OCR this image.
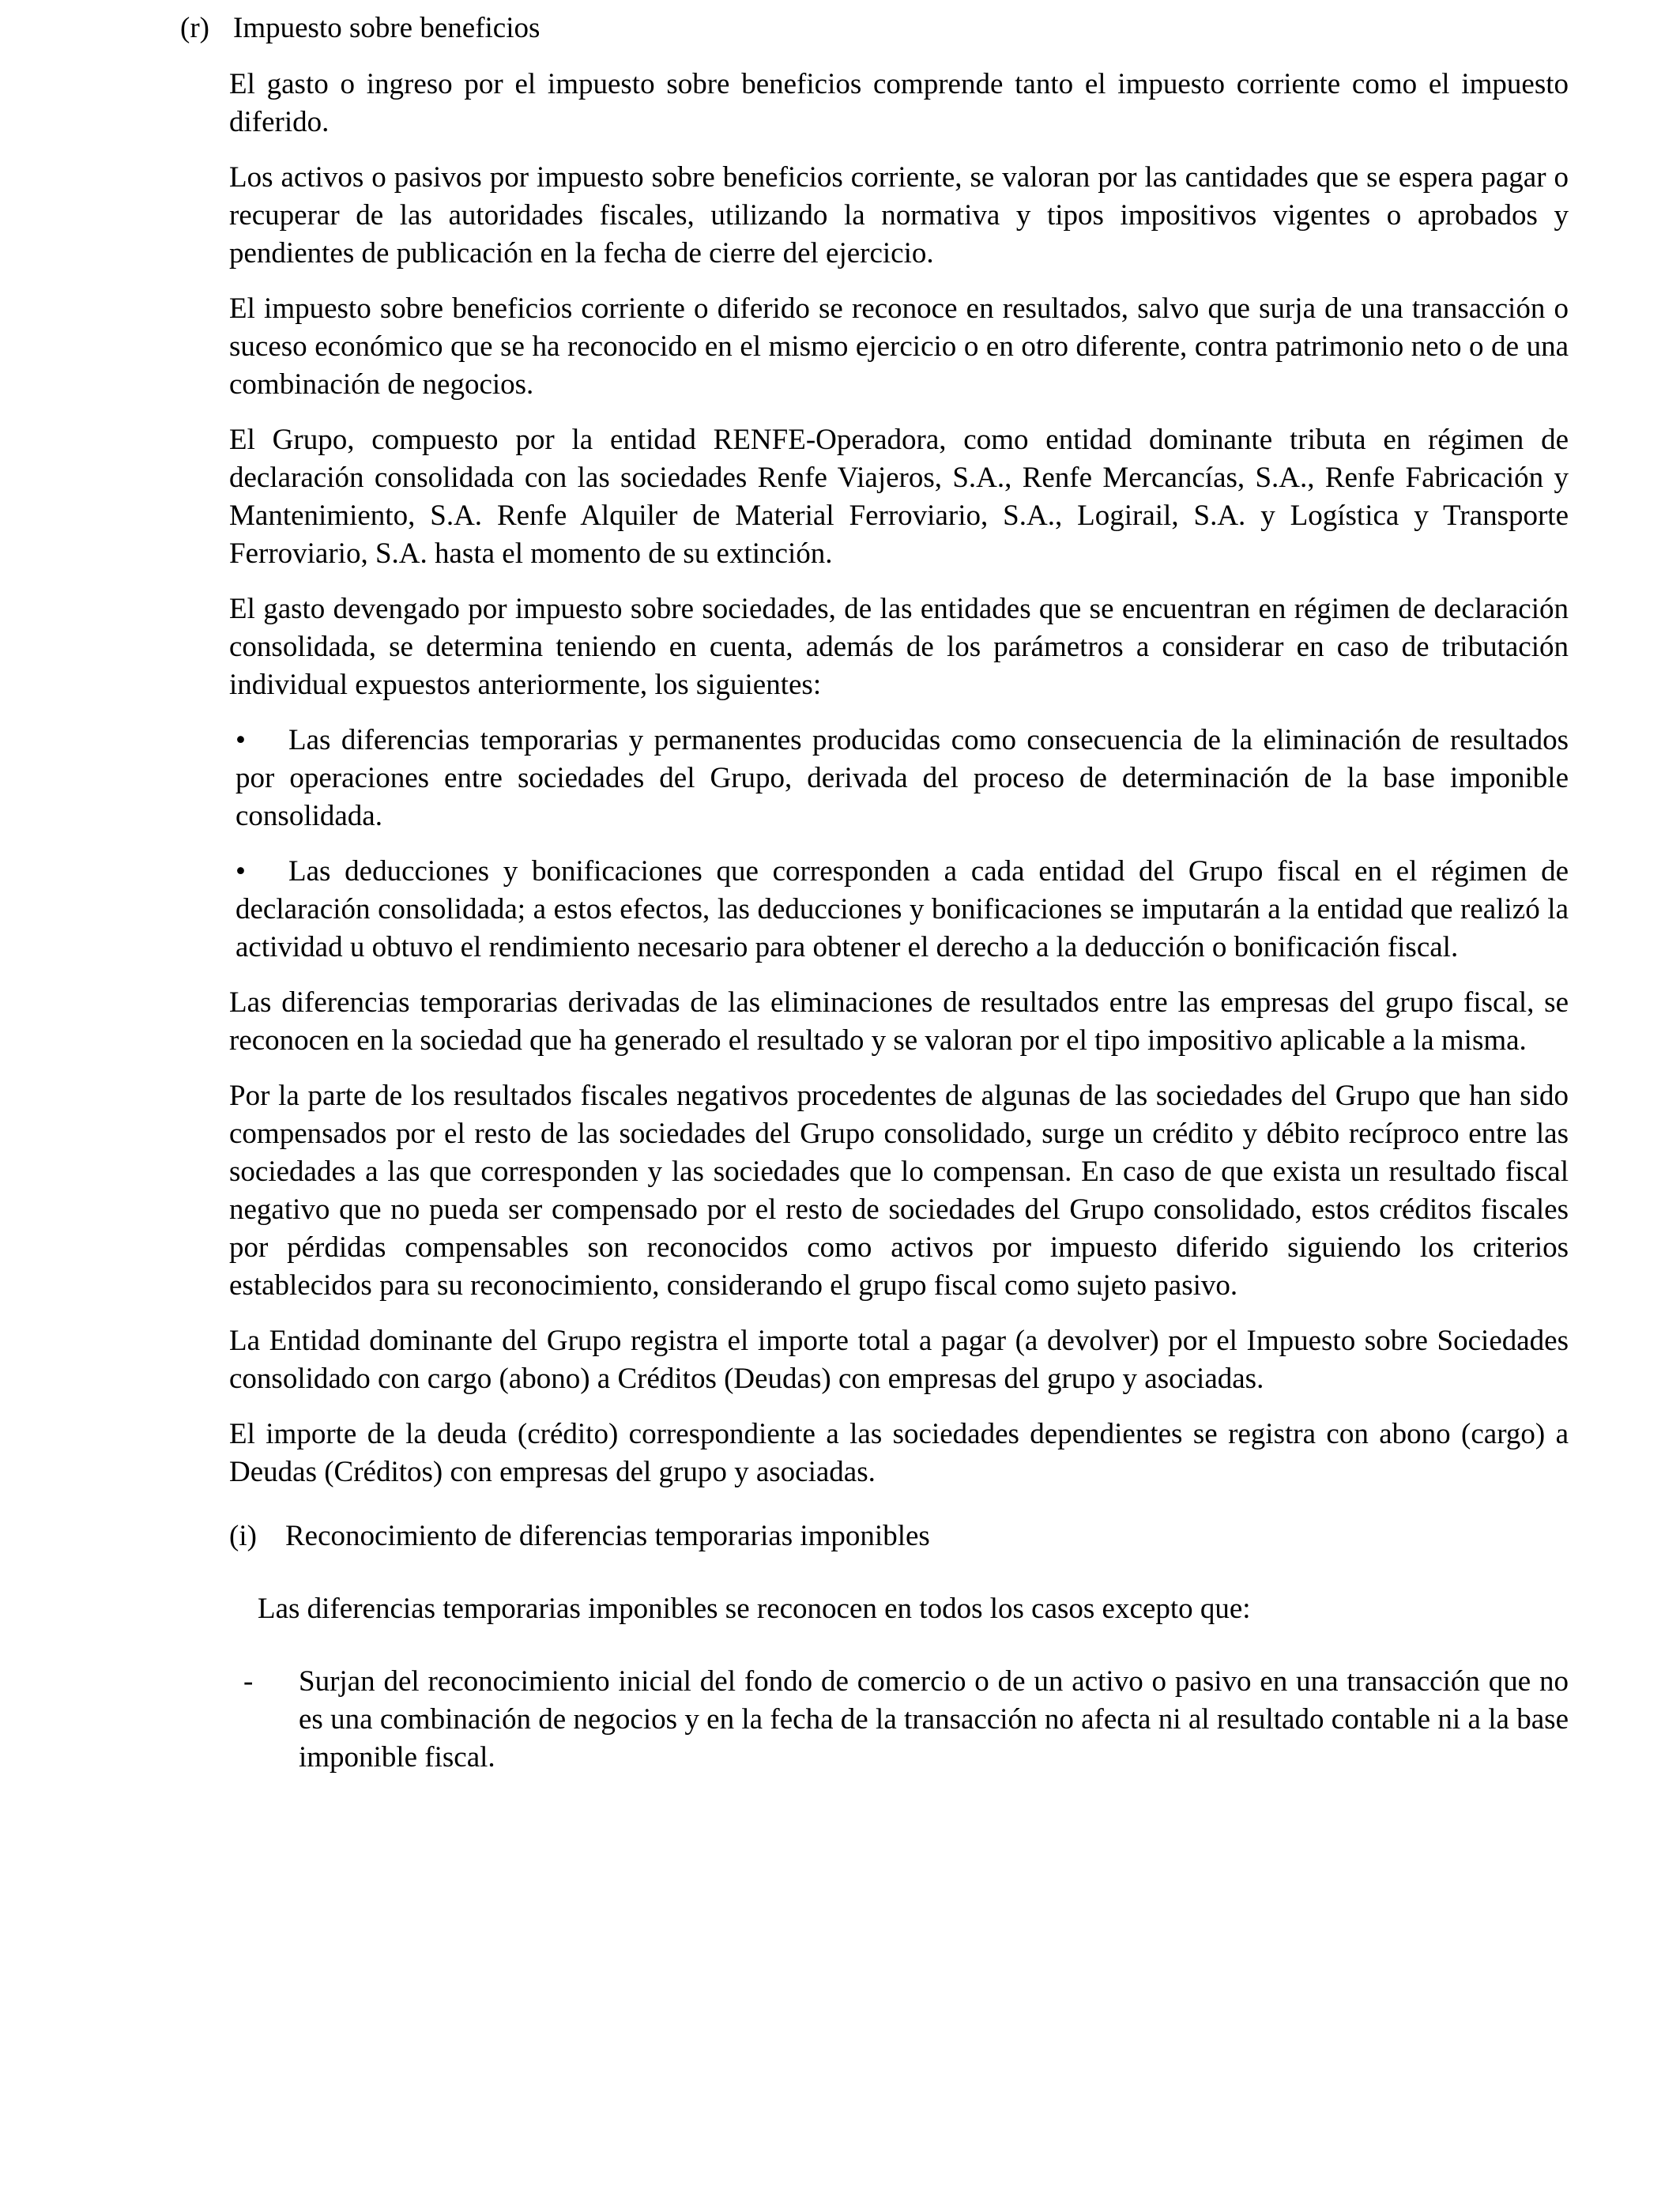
(r) Impuesto sobre beneficios

El gasto o ingreso por el impuesto sobre beneficios comprende tanto el impuesto corriente como el impuesto diferido.

Los activos o pasivos por impuesto sobre beneficios corriente, se valoran por las cantidades que se espera pagar o recuperar de las autoridades fiscales, utilizando la normativa y tipos impositivos vigentes o aprobados y pendientes de publicación en la fecha de cierre del ejercicio.

El impuesto sobre beneficios corriente o diferido se reconoce en resultados, salvo que surja de una transacción o suceso económico que se ha reconocido en el mismo ejercicio o en otro diferente, contra patrimonio neto o de una combinación de negocios.

El Grupo, compuesto por la entidad RENFE-Operadora, como entidad dominante tributa en régimen de declaración consolidada con las sociedades Renfe Viajeros, S.A., Renfe Mercancías, S.A., Renfe Fabricación y Mantenimiento, S.A. Renfe Alquiler de Material Ferroviario, S.A., Logirail, S.A. y Logística y Transporte Ferroviario, S.A. hasta el momento de su extinción.

El gasto devengado por impuesto sobre sociedades, de las entidades que se encuentran en régimen de declaración consolidada, se determina teniendo en cuenta, además de los parámetros a considerar en caso de tributación individual expuestos anteriormente, los siguientes:

• Las diferencias temporarias y permanentes producidas como consecuencia de la eliminación de resultados por operaciones entre sociedades del Grupo, derivada del proceso de determinación de la base imponible consolidada.

• Las deducciones y bonificaciones que corresponden a cada entidad del Grupo fiscal en el régimen de declaración consolidada; a estos efectos, las deducciones y bonificaciones se imputarán a la entidad que realizó la actividad u obtuvo el rendimiento necesario para obtener el derecho a la deducción o bonificación fiscal.

Las diferencias temporarias derivadas de las eliminaciones de resultados entre las empresas del grupo fiscal, se reconocen en la sociedad que ha generado el resultado y se valoran por el tipo impositivo aplicable a la misma.

Por la parte de los resultados fiscales negativos procedentes de algunas de las sociedades del Grupo que han sido compensados por el resto de las sociedades del Grupo consolidado, surge un crédito y débito recíproco entre las sociedades a las que corresponden y las sociedades que lo compensan. En caso de que exista un resultado fiscal negativo que no pueda ser compensado por el resto de sociedades del Grupo consolidado, estos créditos fiscales por pérdidas compensables son reconocidos como activos por impuesto diferido siguiendo los criterios establecidos para su reconocimiento, considerando el grupo fiscal como sujeto pasivo.

La Entidad dominante del Grupo registra el importe total a pagar (a devolver) por el Impuesto sobre Sociedades consolidado con cargo (abono) a Créditos (Deudas) con empresas del grupo y asociadas.

El importe de la deuda (crédito) correspondiente a las sociedades dependientes se registra con abono (cargo) a Deudas (Créditos) con empresas del grupo y asociadas.

(i) Reconocimiento de diferencias temporarias imponibles

Las diferencias temporarias imponibles se reconocen en todos los casos excepto que:

- Surjan del reconocimiento inicial del fondo de comercio o de un activo o pasivo en una transacción que no es una combinación de negocios y en la fecha de la transacción no afecta ni al resultado contable ni a la base imponible fiscal.
